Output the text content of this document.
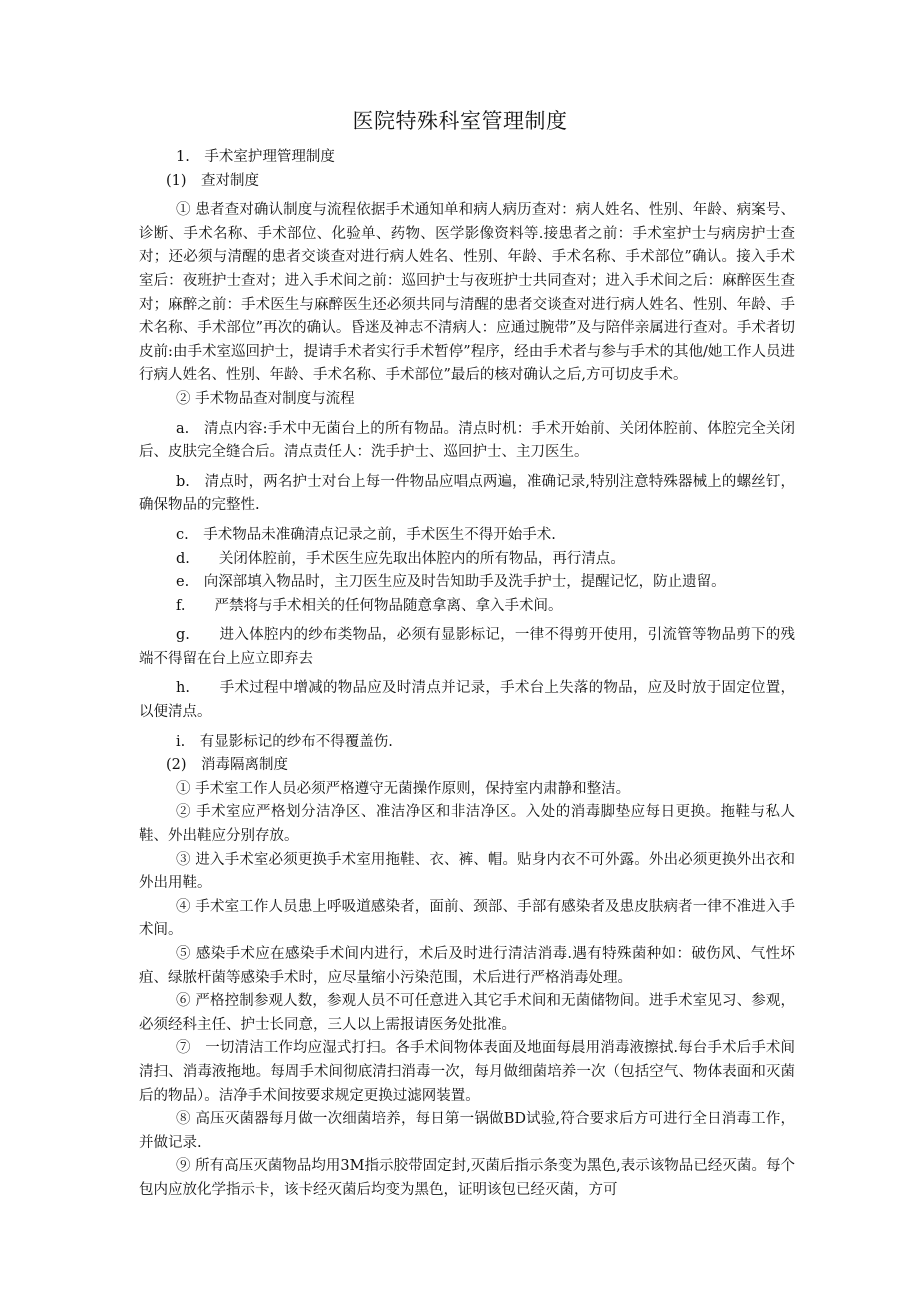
医院特殊科室管理制度

1.　手术室护理管理制度

(1)　查对制度

① 患者查对确认制度与流程依据手术通知单和病人病历查对：病人姓名、性别、年龄、病案号、诊断、手术名称、手术部位、化验单、药物、医学影像资料等.接患者之前：手术室护士与病房护士查对；还必须与清醒的患者交谈查对进行病人姓名、性别、年龄、手术名称、手术部位”确认。接入手术室后：夜班护士查对；进入手术间之前：巡回护士与夜班护士共同查对；进入手术间之后：麻醉医生查对；麻醉之前：手术医生与麻醉医生还必须共同与清醒的患者交谈查对进行病人姓名、性别、年龄、手术名称、手术部位”再次的确认。昏迷及神志不清病人：应通过腕带”及与陪伴亲属进行查对。手术者切皮前:由手术室巡回护士，提请手术者实行手术暂停”程序，经由手术者与参与手术的其他/她工作人员进行病人姓名、性别、年龄、手术名称、手术部位”最后的核对确认之后,方可切皮手术。

② 手术物品查对制度与流程

a.　清点内容:手术中无菌台上的所有物品。清点时机：手术开始前、关闭体腔前、体腔完全关闭后、皮肤完全缝合后。清点责任人：洗手护士、巡回护士、主刀医生。

b.　清点时，两名护士对台上每一件物品应唱点两遍，准确记录,特别注意特殊器械上的螺丝钉，确保物品的完整性.

c.　手术物品未准确清点记录之前，手术医生不得开始手术.

d.　　关闭体腔前，手术医生应先取出体腔内的所有物品，再行清点。

e.　向深部填入物品时，主刀医生应及时告知助手及洗手护士，提醒记忆，防止遗留。

f.　　严禁将与手术相关的任何物品随意拿离、拿入手术间。

g.　　进入体腔内的纱布类物品，必须有显影标记，一律不得剪开使用，引流管等物品剪下的残端不得留在台上应立即弃去

h.　　手术过程中增减的物品应及时清点并记录，手术台上失落的物品，应及时放于固定位置，以便清点。

i.　有显影标记的纱布不得覆盖伤.

(2)　消毒隔离制度

① 手术室工作人员必须严格遵守无菌操作原则，保持室内肃静和整洁。

② 手术室应严格划分洁净区、准洁净区和非洁净区。入处的消毒脚垫应每日更换。拖鞋与私人鞋、外出鞋应分别存放。

③ 进入手术室必须更换手术室用拖鞋、衣、裤、帽。贴身内衣不可外露。外出必须更换外出衣和外出用鞋。

④ 手术室工作人员患上呼吸道感染者，面前、颈部、手部有感染者及患皮肤病者一律不准进入手术间。

⑤ 感染手术应在感染手术间内进行，术后及时进行清洁消毒.遇有特殊菌种如：破伤风、气性坏疽、绿脓杆菌等感染手术时，应尽量缩小污染范围，术后进行严格消毒处理。

⑥ 严格控制参观人数，参观人员不可任意进入其它手术间和无菌储物间。进手术室见习、参观，必须经科主任、护士长同意，三人以上需报请医务处批准。

⑦　一切清洁工作均应湿式打扫。各手术间物体表面及地面每晨用消毒液擦拭.每台手术后手术间清扫、消毒液拖地。每周手术间彻底清扫消毒一次，每月做细菌培养一次（包括空气、物体表面和灭菌后的物品）。洁净手术间按要求规定更换过滤网装置。

⑧ 高压灭菌器每月做一次细菌培养，每日第一锅做BD试验,符合要求后方可进行全日消毒工作，并做记录.

⑨ 所有高压灭菌物品均用3M指示胶带固定封,灭菌后指示条变为黑色,表示该物品已经灭菌。每个包内应放化学指示卡，该卡经灭菌后均变为黑色，证明该包已经灭菌，方可
